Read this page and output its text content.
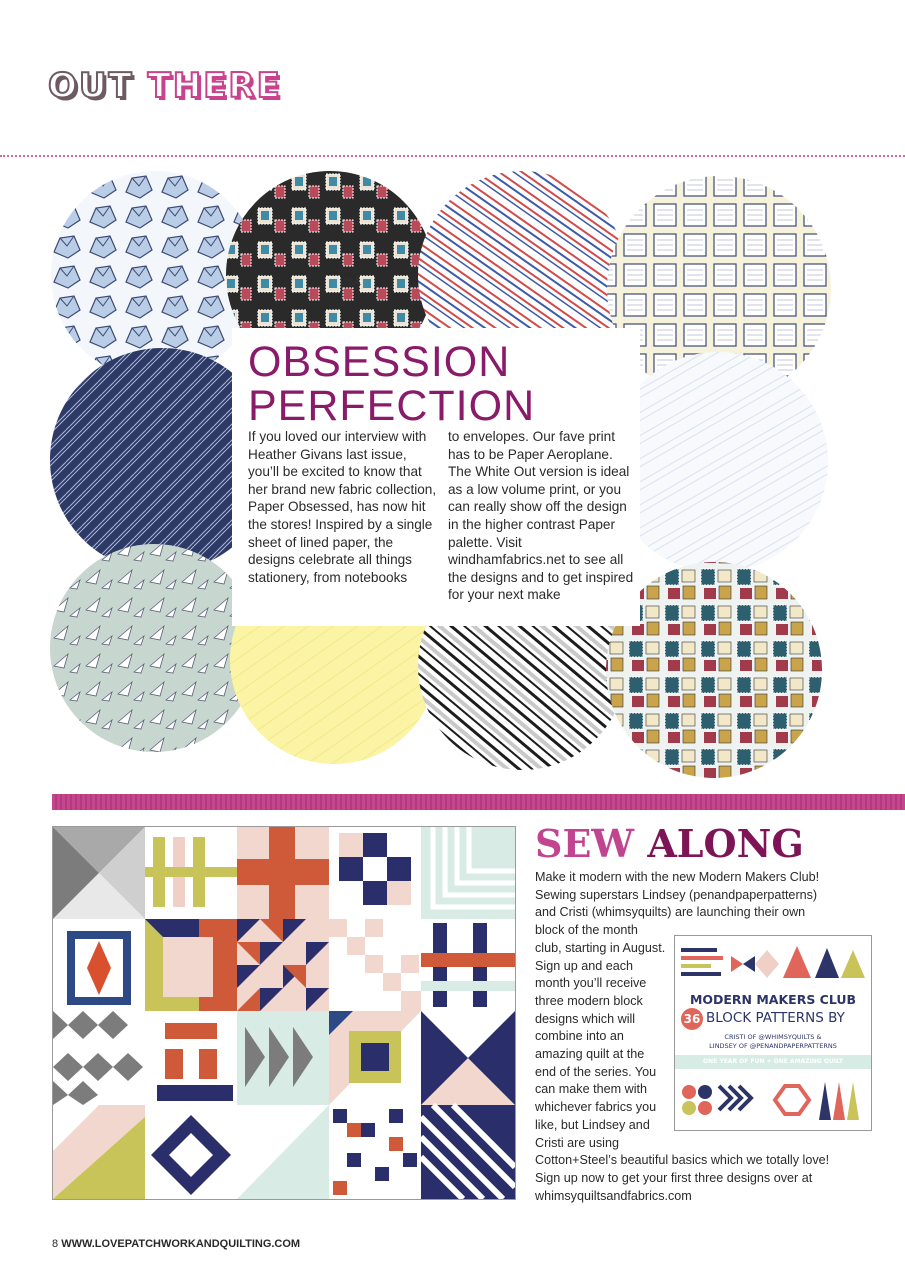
OUT THERE
USA
OBSESSION
PERFECTION
If you loved our interview with Heather Givans last issue, you’ll be excited to know that her brand new fabric collection, Paper Obsessed, has now hit the stores! Inspired by a single sheet of lined paper, the designs celebrate all things stationery, from notebooks
to envelopes. Our fave print has to be Paper Aeroplane. The White Out version is ideal as a low volume print, or you can really show off the design in the higher contrast Paper palette. Visit windhamfabrics.net to see all the designs and to get inspired for your next make
SEW ALONG
Make it modern with the new Modern Makers Club! Sewing superstars Lindsey (penandpaperpatterns) and Cristi (whimsyquilts) are launching their own
block of the month club, starting in August. Sign up and each month you’ll receive three modern block designs which will combine into an amazing quilt at the end of the series. You can make them with whichever fabrics you like, but Lindsey and Cristi are using
Cotton+Steel’s beautiful basics which we totally love! Sign up now to get your first three designs over at whimsyquiltsandfabrics.com
MODERN MAKERS CLUB
36 BLOCK PATTERNS BY
CRISTI OF @WHIMSYQUILTS &
LINDSEY OF @PENANDPAPERPATTERNS
ONE YEAR OF FUN + ONE AMAZING QUILT
8 WWW.LOVEPATCHWORKANDQUILTING.COM
